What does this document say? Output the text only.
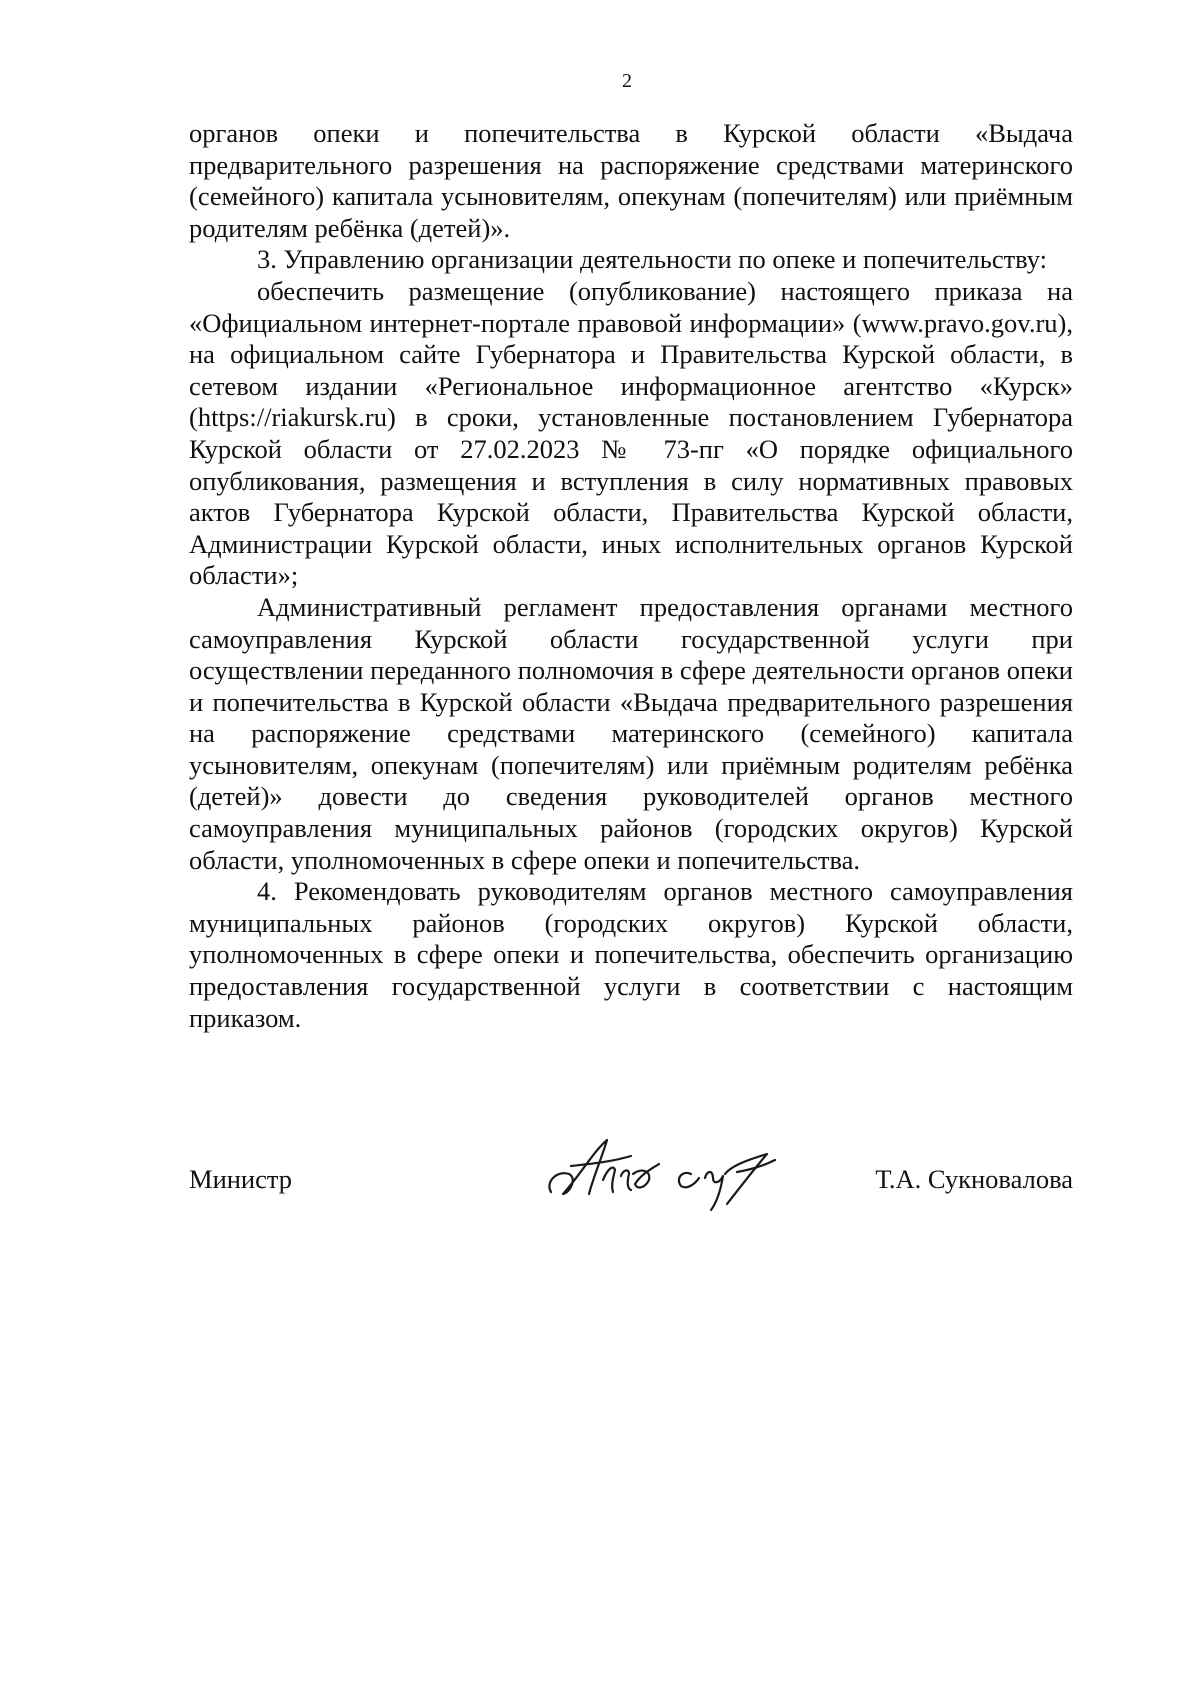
2

органов опеки и попечительства в Курской области «Выдача предварительного разрешения на распоряжение средствами материнского (семейного) капитала усыновителям, опекунам (попечителям) или приёмным родителям ребёнка (детей)».

3. Управлению организации деятельности по опеке и попечительству:

обеспечить размещение (опубликование) настоящего приказа на «Официальном интернет-портале правовой информации» (www.pravo.gov.ru), на официальном сайте Губернатора и Правительства Курской области, в сетевом издании «Региональное информационное агентство «Курск» (https://riakursk.ru) в сроки, установленные постановлением Губернатора Курской области от 27.02.2023 № 73-пг «О порядке официального опубликования, размещения и вступления в силу нормативных правовых актов Губернатора Курской области, Правительства Курской области, Администрации Курской области, иных исполнительных органов Курской области»;

Административный регламент предоставления органами местного самоуправления Курской области государственной услуги при осуществлении переданного полномочия в сфере деятельности органов опеки и попечительства в Курской области «Выдача предварительного разрешения на распоряжение средствами материнского (семейного) капитала усыновителям, опекунам (попечителям) или приёмным родителям ребёнка (детей)» довести до сведения руководителей органов местного самоуправления муниципальных районов (городских округов) Курской области, уполномоченных в сфере опеки и попечительства.

4. Рекомендовать руководителям органов местного самоуправления муниципальных районов (городских округов) Курской области, уполномоченных в сфере опеки и попечительства, обеспечить организацию предоставления государственной услуги в соответствии с настоящим приказом.

Министр	Т.А. Сукновалова
